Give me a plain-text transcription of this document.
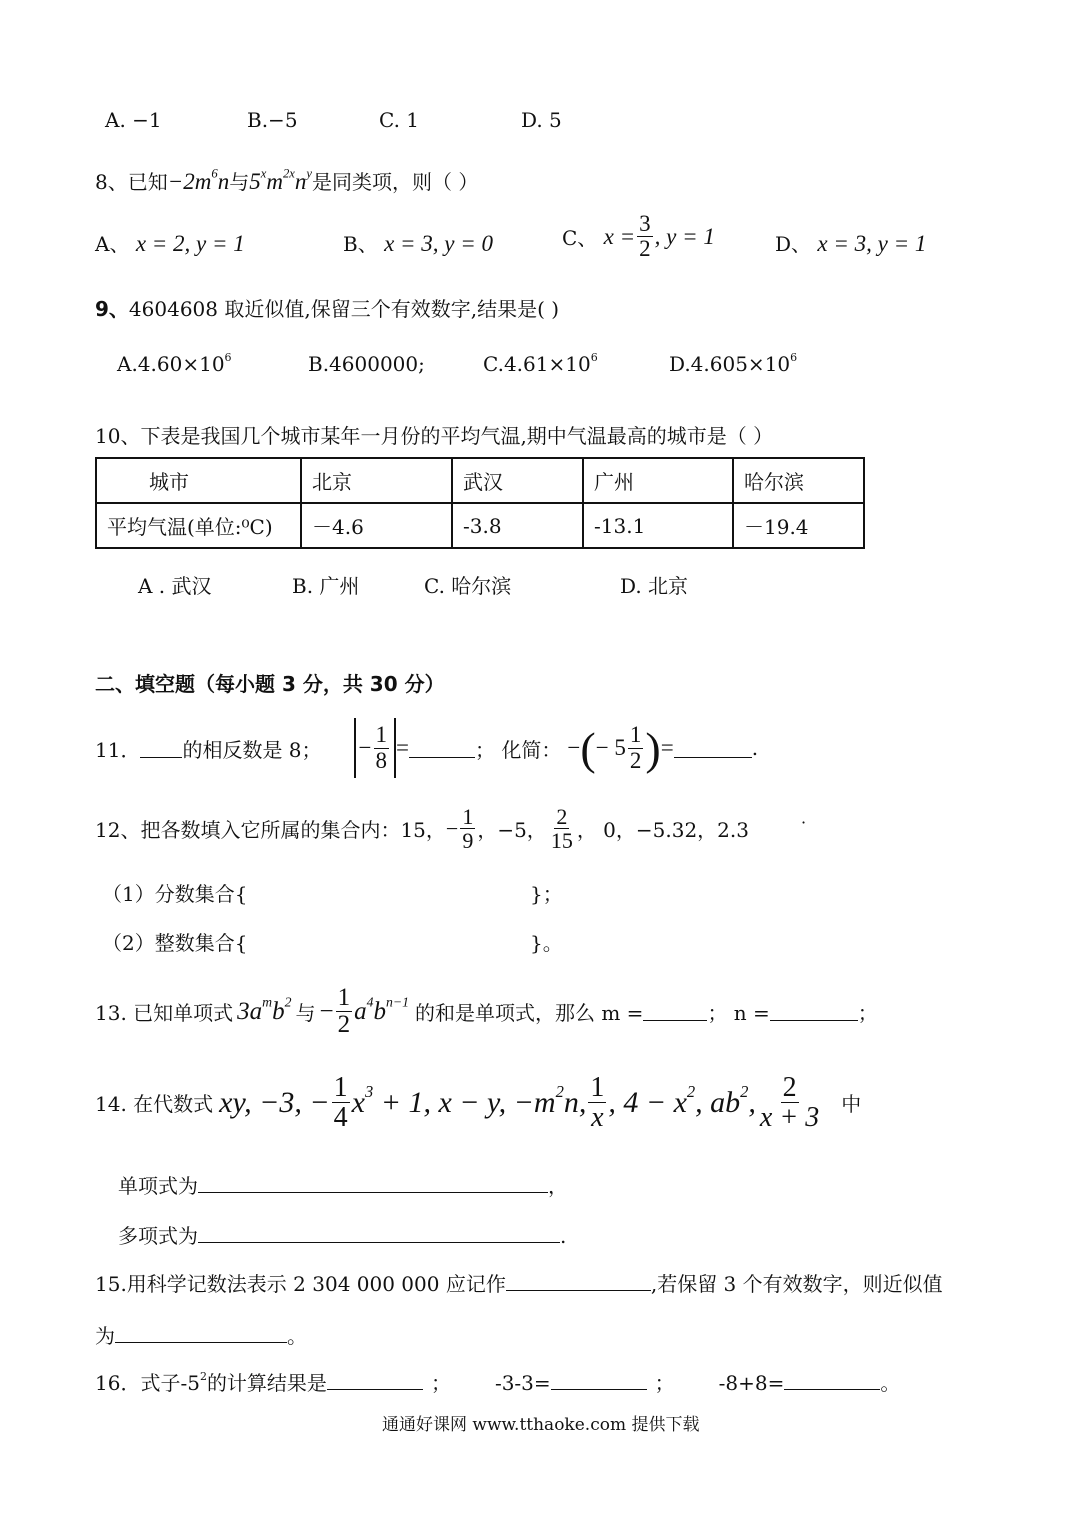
A. −1	B.−5	C. 1	D. 5
8、已知$-2m^6n$与$5^xm^{2x}n^y$是同类项，则（ ）
A、 x = 2, y = 1	B、 x = 3, y = 0	C、
$x = \frac{3}{2}$ , y = 1	D、 x = 3, y = 1
9、4604608 取近似值,保留三个有效数字,结果是( )
$A.4.60\times 10^6$	B.4600000;	$C.4.61\times 10^6$	$D.4.605\times 10^6$
10、下表是我国几个城市某年一月份的平均气温,期中气温最高的城市是（ ）
城市	北京	武汉	广州	哈尔滨
平均气温(单位:⁰C)	－4.6	-3.8	-13.1	－19.4
A . 武汉	B. 广州	C. 哈尔滨	D. 北京
二、填空题（每小题 3 分，共 30 分）
11． 的相反数是 8； − $\frac{1}{8}$ =	； 化简： − ( − $5 \frac{1}{2}$ ) =	.
12、把各数填入它所属的集合内：15， − $\frac{1}{9}$ ，−5， $\frac{2}{15}$ ， 0，−5.32，2.3	·
（1）分数集合{	}；
（2）整数集合{	}。
13. 已知单项式 $3a^mb^2$ 与 − $\frac{1}{2} a^4b^{n-1}$ 的和是单项式，那么 m =	； n =	；
14. 在代数式 xy, −3, − $\frac{1}{4} x^3 + 1$, x − y, $-m^2n$, $\frac{1}{x}$ , $4 - x^2$, $ab^2$, $\frac{2}{x + 3}$ 中
单项式为	，
多项式为	.
15.用科学记数法表示 2 304 000 000 应记作	,若保留 3 个有效数字，则近似值
为	。
16．式子$-5^2$的计算结果是	； -3-3=	； -8+8=	。
通通好课网 www.tthaoke.com 提供下载
